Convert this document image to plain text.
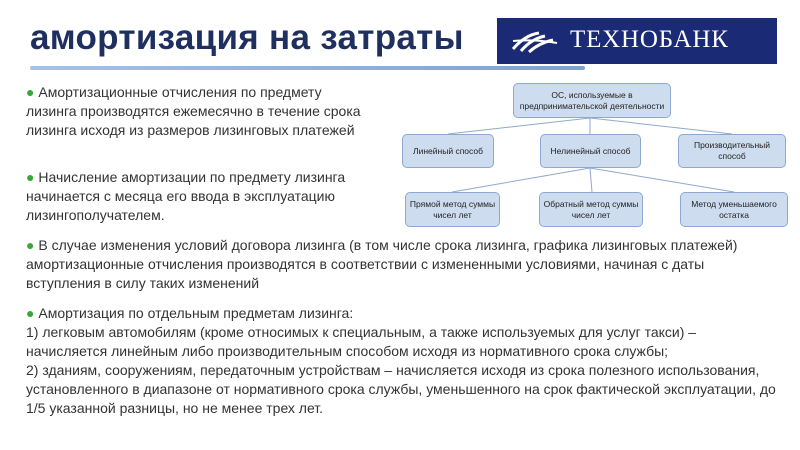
амортизация на затраты	ТЕХНОБАНК

● Амортизационные отчисления по предмету лизинга производятся ежемесячно в течение срока лизинга исходя из размеров лизинговых платежей

● Начисление амортизации по предмету лизинга начинается с месяца его ввода в эксплуатацию лизингополучателем.

● В случае изменения условий договора лизинга (в том числе срока лизинга, графика лизинговых платежей) амортизационные отчисления производятся в соответствии с измененными условиями, начиная с даты вступления в силу таких изменений

● Амортизация по отдельным предметам лизинга:

1) легковым автомобилям (кроме относимых к специальным, а также используемых для услуг такси) – начисляется линейным либо производительным способом исходя из нормативного срока службы;

2) зданиям, сооружениям, передаточным устройствам – начисляется исходя из срока полезного использования, установленного в диапазоне от нормативного срока службы, уменьшенного на срок фактической эксплуатации, до 1/5 указанной разницы, но не менее трех лет.

ОС, используемые в предпринимательской деятельности
Линейный способ	Нелинейный способ
Производительный способ
Прямой метод суммы чисел лет
Обратный метод суммы чисел лет
Метод уменьшаемого остатка
